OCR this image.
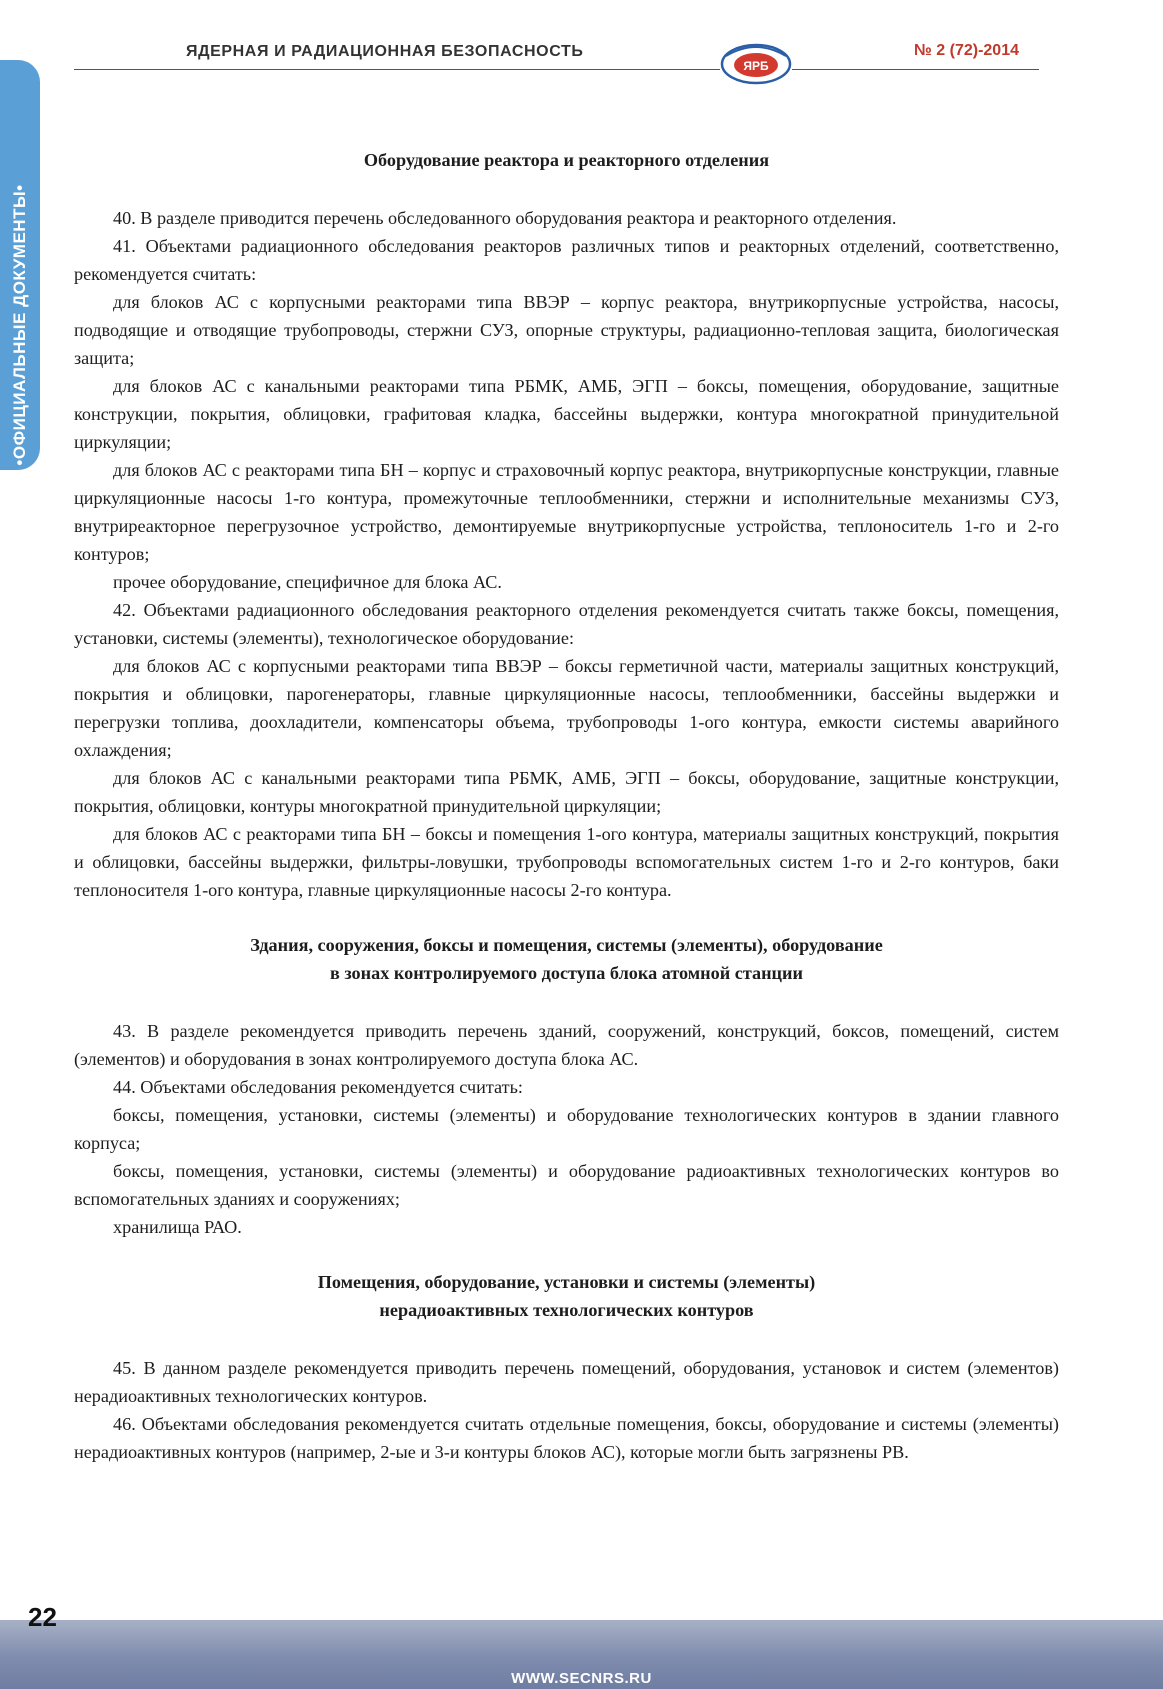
•ОФИЦИАЛЬНЫЕ ДОКУМЕНТЫ•
ЯДЕРНАЯ И РАДИАЦИОННАЯ БЕЗОПАСНОСТЬ
ЯРБ
№ 2 (72)-2014
Оборудование реактора и реакторного отделения

40. В разделе приводится перечень обследованного оборудования реактора и реакторного отделения.

41. Объектами радиационного обследования реакторов различных типов и реакторных отделений, соответственно, рекомендуется считать:

для блоков АС с корпусными реакторами типа ВВЭР – корпус реактора, внутрикорпусные устройства, насосы, подводящие и отводящие трубопроводы, стержни СУЗ, опорные структуры, радиационно-тепловая защита, биологическая защита;

для блоков АС с канальными реакторами типа РБМК, АМБ, ЭГП – боксы, помещения, оборудование, защитные конструкции, покрытия, облицовки, графитовая кладка, бассейны выдержки, контура многократной принудительной циркуляции;

для блоков АС с реакторами типа БН – корпус и страховочный корпус реактора, внутрикорпусные конструкции, главные циркуляционные насосы 1-го контура, промежуточные теплообменники, стержни и исполнительные механизмы СУЗ, внутриреакторное перегрузочное устройство, демонтируемые внутрикорпусные устройства, теплоноситель 1-го и 2-го контуров;

прочее оборудование, специфичное для блока АС.

42. Объектами радиационного обследования реакторного отделения рекомендуется считать также боксы, помещения, установки, системы (элементы), технологическое оборудование:

для блоков АС с корпусными реакторами типа ВВЭР – боксы герметичной части, материалы защитных конструкций, покрытия и облицовки, парогенераторы, главные циркуляционные насосы, теплообменники, бассейны выдержки и перегрузки топлива, доохладители, компенсаторы объема, трубопроводы 1-ого контура, емкости системы аварийного охлаждения;

для блоков АС с канальными реакторами типа РБМК, АМБ, ЭГП – боксы, оборудование, защитные конструкции, покрытия, облицовки, контуры многократной принудительной циркуляции;

для блоков АС с реакторами типа БН – боксы и помещения 1-ого контура, материалы защитных конструкций, покрытия и облицовки, бассейны выдержки, фильтры-ловушки, трубопроводы вспомогательных систем 1-го и 2-го контуров, баки теплоносителя 1-ого контура, главные циркуляционные насосы 2-го контура.

Здания, сооружения, боксы и помещения, системы (элементы), оборудование
в зонах контролируемого доступа блока атомной станции

43. В разделе рекомендуется приводить перечень зданий, сооружений, конструкций, боксов, помещений, систем (элементов) и оборудования в зонах контролируемого доступа блока АС.

44. Объектами обследования рекомендуется считать:

боксы, помещения, установки, системы (элементы) и оборудование технологических контуров в здании главного корпуса;

боксы, помещения, установки, системы (элементы) и оборудование радиоактивных технологических контуров во вспомогательных зданиях и сооружениях;

хранилища РАО.

Помещения, оборудование, установки и системы (элементы)
нерадиоактивных технологических контуров

45. В данном разделе рекомендуется приводить перечень помещений, оборудования, установок и систем (элементов) нерадиоактивных технологических контуров.

46. Объектами обследования рекомендуется считать отдельные помещения, боксы, оборудование и системы (элементы) нерадиоактивных контуров (например, 2-ые и 3-и контуры блоков АС), которые могли быть загрязнены РВ.

22
WWW.SECNRS.RU
